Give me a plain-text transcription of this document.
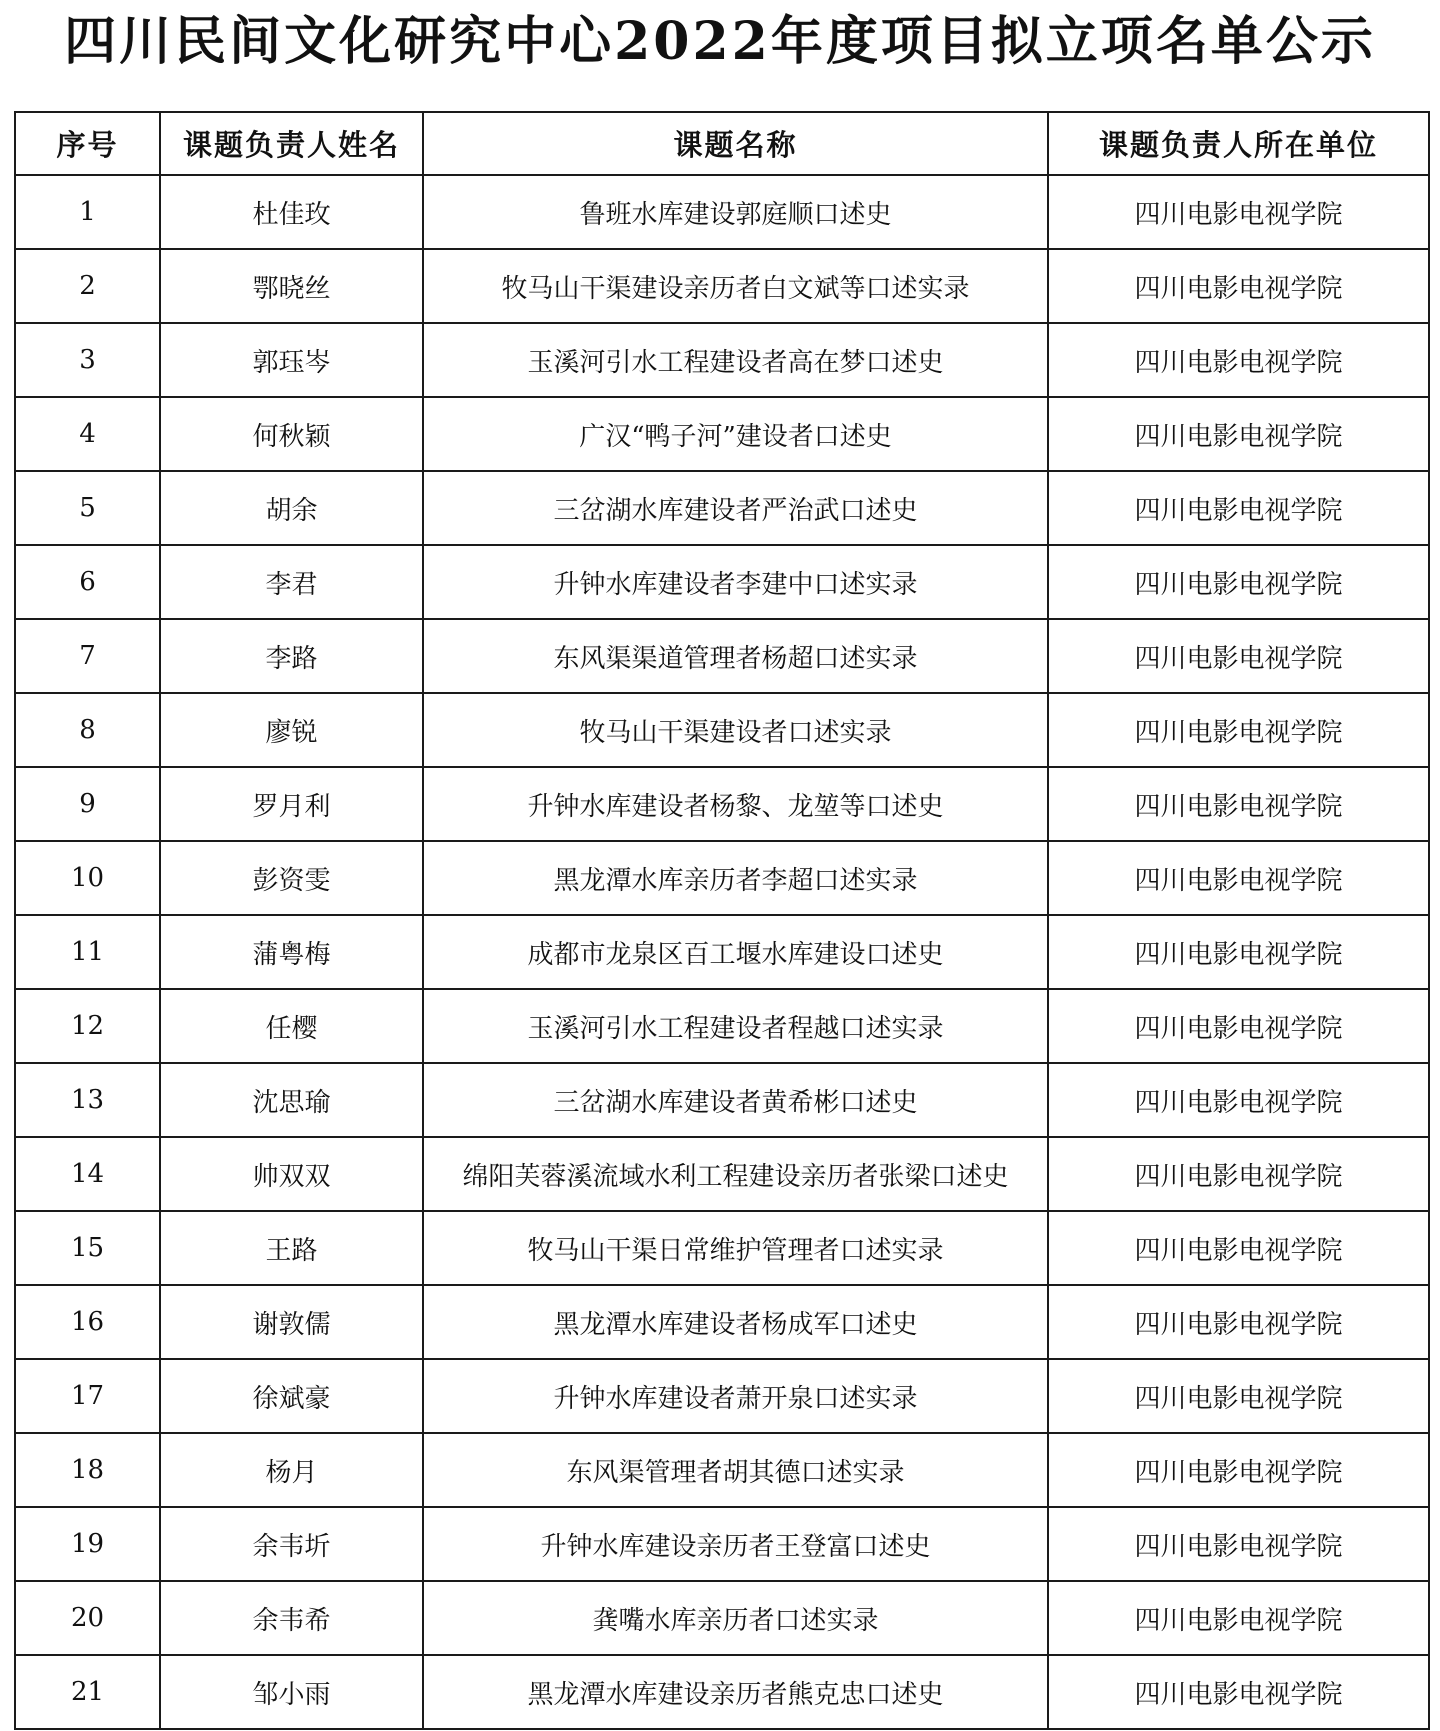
四川民间文化研究中心2022年度项目拟立项名单公示
序号	课题负责人姓名	课题名称	课题负责人所在单位
1	杜佳玫	鲁班水库建设郭庭顺口述史	四川电影电视学院
2	鄂晓丝	牧马山干渠建设亲历者白文斌等口述实录	四川电影电视学院
3	郭珏岑	玉溪河引水工程建设者高在梦口述史	四川电影电视学院
4	何秋颖	广汉“鸭子河”建设者口述史	四川电影电视学院
5	胡余	三岔湖水库建设者严治武口述史	四川电影电视学院
6	李君	升钟水库建设者李建中口述实录	四川电影电视学院
7	李路	东风渠渠道管理者杨超口述实录	四川电影电视学院
8	廖锐	牧马山干渠建设者口述实录	四川电影电视学院
9	罗月利	升钟水库建设者杨黎、龙堃等口述史	四川电影电视学院
10	彭资雯	黑龙潭水库亲历者李超口述实录	四川电影电视学院
11	蒲粤梅	成都市龙泉区百工堰水库建设口述史	四川电影电视学院
12	任樱	玉溪河引水工程建设者程越口述实录	四川电影电视学院
13	沈思瑜	三岔湖水库建设者黄希彬口述史	四川电影电视学院
14	帅双双	绵阳芙蓉溪流域水利工程建设亲历者张梁口述史	四川电影电视学院
15	王路	牧马山干渠日常维护管理者口述实录	四川电影电视学院
16	谢敦儒	黑龙潭水库建设者杨成军口述史	四川电影电视学院
17	徐斌豪	升钟水库建设者萧开泉口述实录	四川电影电视学院
18	杨月	东风渠管理者胡其德口述实录	四川电影电视学院
19	余韦圻	升钟水库建设亲历者王登富口述史	四川电影电视学院
20	余韦希	龚嘴水库亲历者口述实录	四川电影电视学院
21	邹小雨	黑龙潭水库建设亲历者熊克忠口述史	四川电影电视学院
